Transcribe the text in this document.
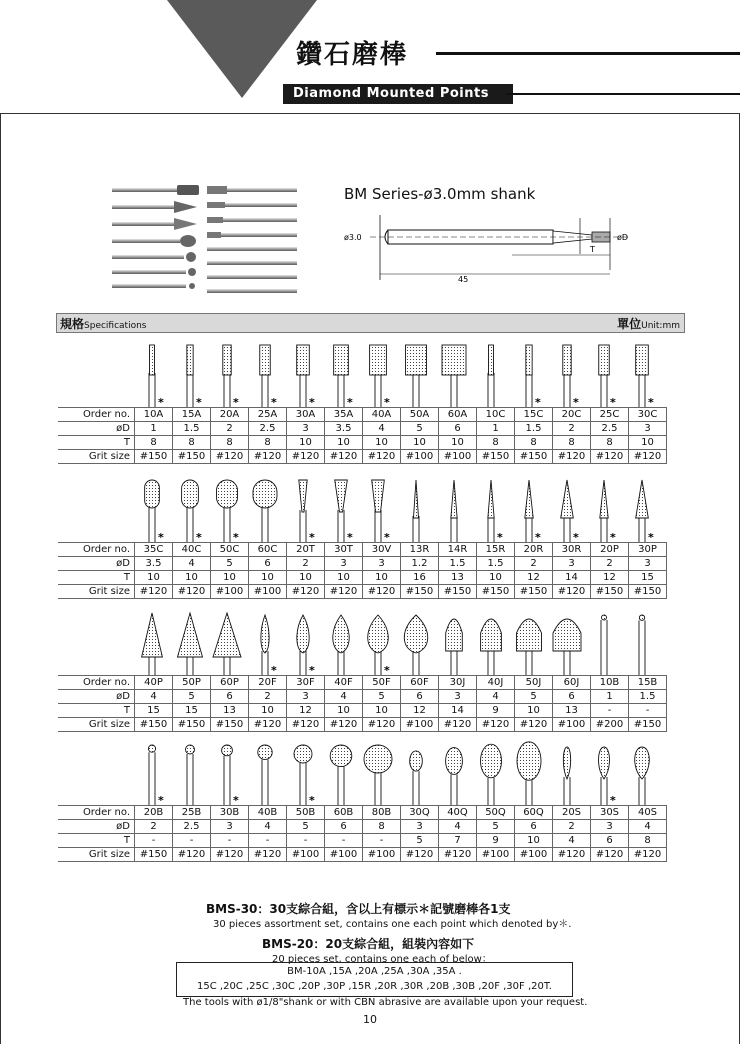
鑽石磨棒
Diamond Mounted Points
BM Series-ø3.0mm shank
ø3.0	øD
T
45
規格Specifications	單位Unit:mm
*	*	*	*	*	*	*	*	*	*	*
Order no.	10A	15A	20A	25A	30A	35A	40A	50A	60A	10C	15C	20C	25C	30C
øD	1	1.5	2	2.5	3	3.5	4	5	6	1	1.5	2	2.5	3
T	8	8	8	8	10	10	10	10	10	8	8	8	8	10
Grit size	#150	#150	#120	#120	#120	#120	#120	#100	#100	#150	#150	#120	#120	#120
*	*	*	*	*	*	*	*	*	*	*
Order no.	35C	40C	50C	60C	20T	30T	30V	13R	14R	15R	20R	30R	20P	30P
øD	3.5	4	5	6	2	3	3	1.2	1.5	1.5	2	3	2	3
T	10	10	10	10	10	10	10	16	13	10	12	14	12	15
Grit size	#120	#120	#100	#100	#120	#120	#120	#150	#150	#150	#150	#120	#150	#150
*	*	*
Order no.	40P	50P	60P	20F	30F	40F	50F	60F	30J	40J	50J	60J	10B	15B
øD	4	5	6	2	3	4	5	6	3	4	5	6	1	1.5
T	15	15	13	10	12	10	10	12	14	9	10	13	-	-
Grit size	#150	#150	#150	#120	#120	#120	#120	#100	#120	#120	#120	#100	#200	#150
*	*	*	*
Order no.	20B	25B	30B	40B	50B	60B	80B	30Q	40Q	50Q	60Q	20S	30S	40S
øD	2	2.5	3	4	5	6	8	3	4	5	6	2	3	4
T	-	-	-	-	-	-	-	5	7	9	10	4	6	8
Grit size	#150	#120	#120	#120	#100	#100	#100	#120	#120	#100	#100	#120	#120	#120
BMS-30：30支綜合組，含以上有標示＊記號磨棒各1支
30 pieces assortment set, contains one each point which denoted by＊.
BMS-20：20支綜合組，組裝內容如下
20 pieces set, contains one each of below：
BM-10A ,15A ,20A ,25A ,30A ,35A .
15C ,20C ,25C ,30C ,20P ,30P ,15R ,20R ,30R ,20B ,30B ,20F ,30F ,20T.
The tools with ø1/8"shank or with CBN abrasive are available upon your request.
10
